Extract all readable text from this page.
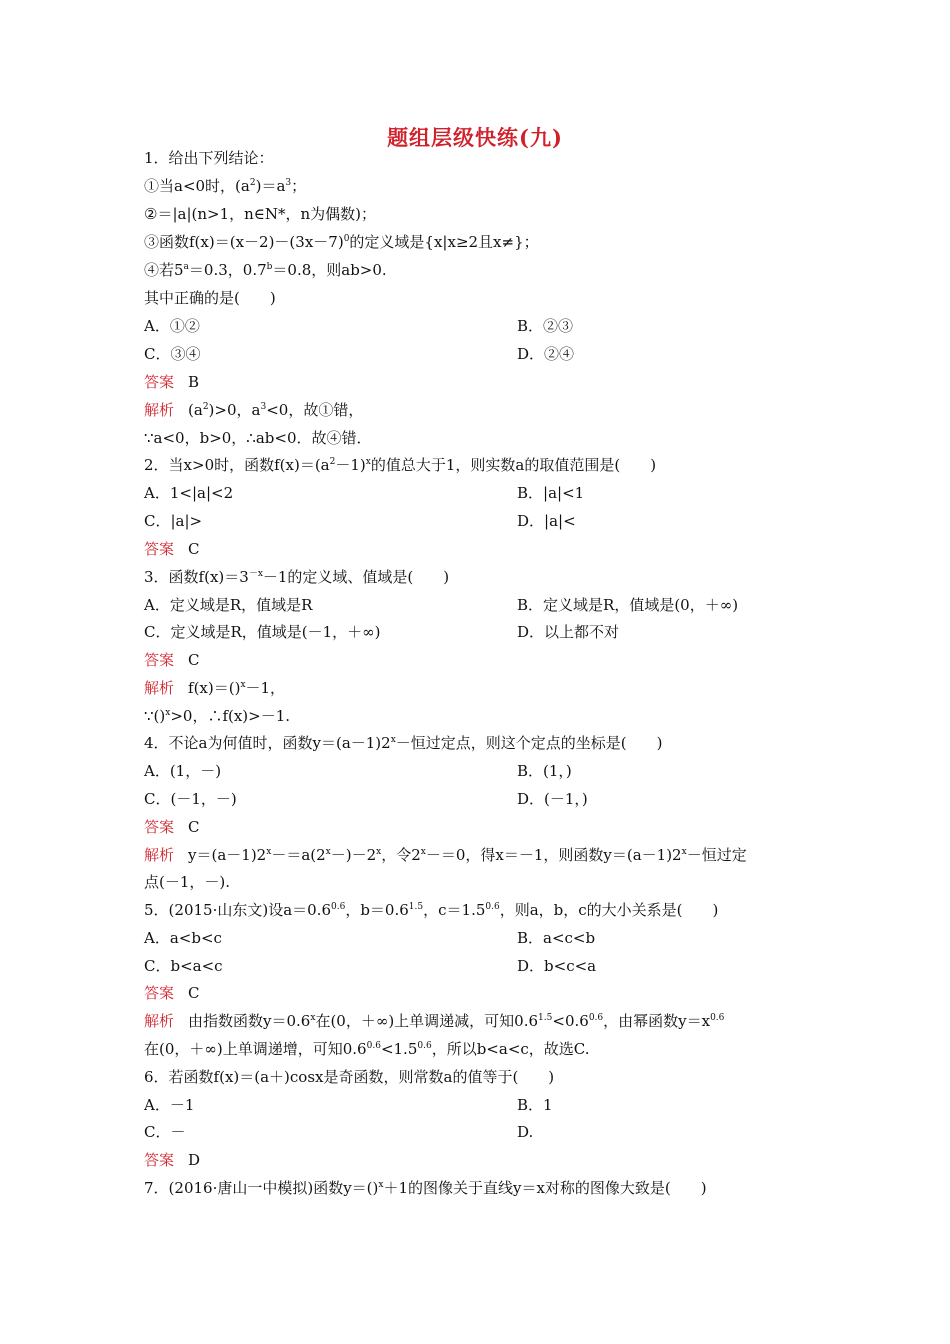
题组层级快练(九)
1．给出下列结论：
①当a<0时，$(a^2)=a^3$；
②＝|a|(n>1，n∈N*，n为偶数)；
③函数$f(x)=(x-2)-(3x-7)^0$的定义域是{x|x≥2且x≠}；
④若$5^a=0.3$，0.7$^b$＝0.8，则ab>0.
其中正确的是(　　)
A．①②	B．②③
C．③④	D．②④
答案 B
解析 $(a^2)>0$，$a^3<0$，故①错，
∵a<0，b>0，∴ab<0．故④错．
2．当x>0时，函数$f(x)=(a^2-1)^x$的值总大于1，则实数a的取值范围是(　　)
A．1<|a|<2	B．|a|<1
C．|a|>	D．|a|<
答案 C
3．函数$f(x)=3^{-x}-1$的定义域、值域是(　　)
A．定义域是R，值域是R	B．定义域是R，值域是(0，＋∞)
C．定义域是R，值域是(－1，＋∞)	D．以上都不对
答案 C
解析 f(x)＝()$^x$－1，
∵()$^x$>0，∴f(x)>－1.
4．不论a为何值时，函数$y=(a-1)2^x-$恒过定点，则这个定点的坐标是(　　)
A．(1，－)	B．(1，)
C．(－1，－)	D．(－1，)
答案 C
解析 $y=(a-1)2^x-=a(2^x-)-2^x$，令$2^x-=0$，得x＝－1，则函数$y=(a-1)2^x-$恒过定
点(－1，－).
5．(2015·山东文)设$a=0.6^{0.6}$，$b=0.6^{1.5}$，$c=1.5^{0.6}$，则a，b，c的大小关系是(　　)
A．a<b<c	B．a<c<b
C．b<a<c	D．b<c<a
答案 C
解析 由指数函数$y=0.6^x$在(0，＋∞)上单调递减，可知$0.6^{1.5}<0.6^{0.6}$，由幂函数$y=x^{0.6}$
在(0，＋∞)上单调递增，可知$0.6^{0.6}<1.5^{0.6}$，所以b<a<c，故选C.
6．若函数f(x)＝(a＋)cosx是奇函数，则常数a的值等于(　　)
A．－1	B．1
C．－	D.
答案 D
7．(2016·唐山一中模拟)函数y＝()$^x$＋1的图像关于直线y＝x对称的图像大致是(　　)
